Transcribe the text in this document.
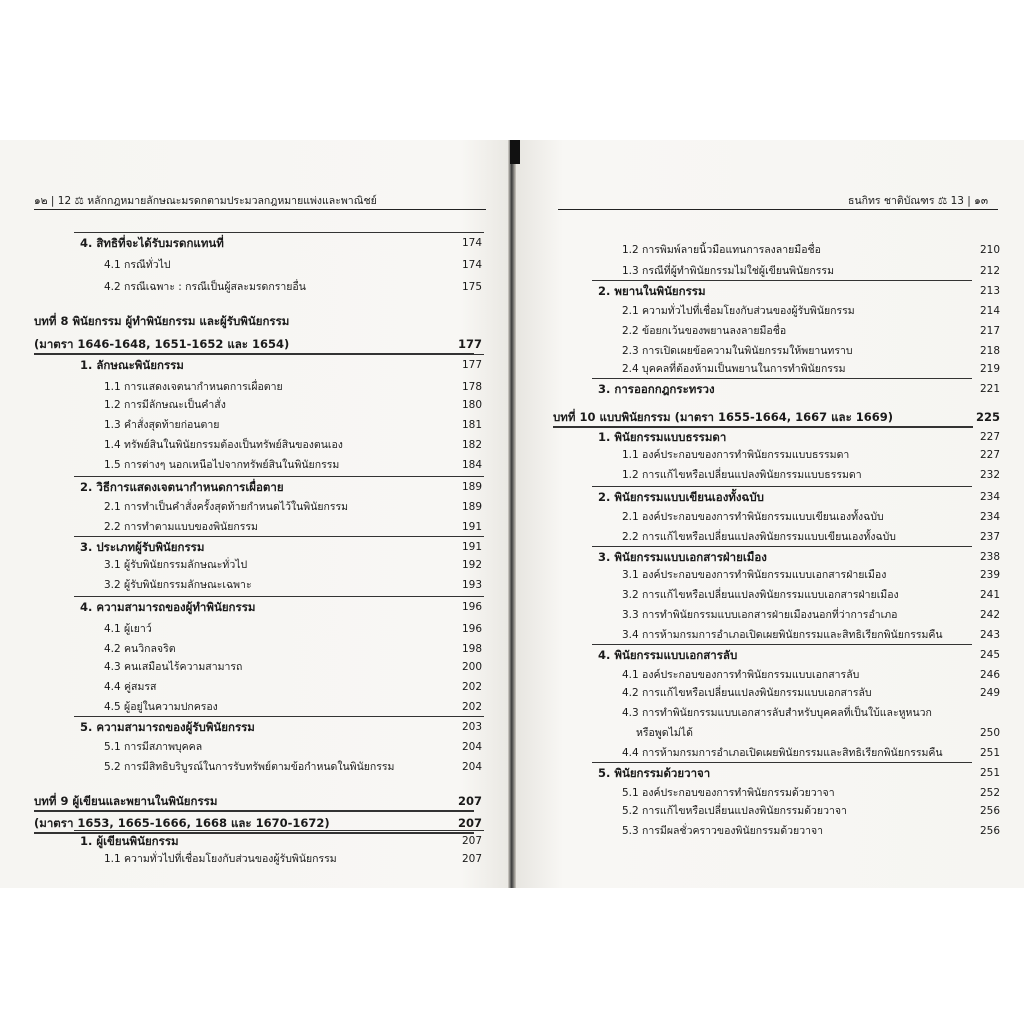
๑๒ | 12 ⚖ หลักกฎหมายลักษณะมรดกตามประมวลกฎหมายแพ่งและพาณิชย์	ธนกิทร ชาติบัณฑร ⚖ 13 | ๑๓
4. สิทธิที่จะได้รับมรดกแทนที่	174
4.1 กรณีทั่วไป	174
4.2 กรณีเฉพาะ : กรณีเป็นผู้สละมรดกรายอื่น	175
บทที่ 8 พินัยกรรม ผู้ทำพินัยกรรม และผู้รับพินัยกรรม
(มาตรา 1646-1648, 1651-1652 และ 1654)	177
1. ลักษณะพินัยกรรม	177
1.1 การแสดงเจตนากำหนดการเผื่อตาย	178
1.2 การมีลักษณะเป็นคำสั่ง	180
1.3 คำสั่งสุดท้ายก่อนตาย	181
1.4 ทรัพย์สินในพินัยกรรมต้องเป็นทรัพย์สินของตนเอง	182
1.5 การต่างๆ นอกเหนือไปจากทรัพย์สินในพินัยกรรม	184
2. วิธีการแสดงเจตนากำหนดการเผื่อตาย	189
2.1 การทำเป็นคำสั่งครั้งสุดท้ายกำหนดไว้ในพินัยกรรม	189
2.2 การทำตามแบบของพินัยกรรม	191
3. ประเภทผู้รับพินัยกรรม	191
3.1 ผู้รับพินัยกรรมลักษณะทั่วไป	192
3.2 ผู้รับพินัยกรรมลักษณะเฉพาะ	193
4. ความสามารถของผู้ทำพินัยกรรม	196
4.1 ผู้เยาว์	196
4.2 คนวิกลจริต	198
4.3 คนเสมือนไร้ความสามารถ	200
4.4 คู่สมรส	202
4.5 ผู้อยู่ในความปกครอง	202
5. ความสามารถของผู้รับพินัยกรรม	203
5.1 การมีสภาพบุคคล	204
5.2 การมีสิทธิบริบูรณ์ในการรับทรัพย์ตามข้อกำหนดในพินัยกรรม	204
บทที่ 9 ผู้เขียนและพยานในพินัยกรรม	207
(มาตรา 1653, 1665-1666, 1668 และ 1670-1672)	207
1. ผู้เขียนพินัยกรรม	207
1.1 ความทั่วไปที่เชื่อมโยงกับส่วนของผู้รับพินัยกรรม	207
1.2 การพิมพ์ลายนิ้วมือแทนการลงลายมือชื่อ	210
1.3 กรณีที่ผู้ทำพินัยกรรมไม่ใช่ผู้เขียนพินัยกรรม	212
2. พยานในพินัยกรรม	213
2.1 ความทั่วไปที่เชื่อมโยงกับส่วนของผู้รับพินัยกรรม	214
2.2 ข้อยกเว้นของพยานลงลายมือชื่อ	217
2.3 การเปิดเผยข้อความในพินัยกรรมให้พยานทราบ	218
2.4 บุคคลที่ต้องห้ามเป็นพยานในการทำพินัยกรรม	219
3. การออกกฎกระทรวง	221
บทที่ 10 แบบพินัยกรรม (มาตรา 1655-1664, 1667 และ 1669)	225
1. พินัยกรรมแบบธรรมดา	227
1.1 องค์ประกอบของการทำพินัยกรรมแบบธรรมดา	227
1.2 การแก้ไขหรือเปลี่ยนแปลงพินัยกรรมแบบธรรมดา	232
2. พินัยกรรมแบบเขียนเองทั้งฉบับ	234
2.1 องค์ประกอบของการทำพินัยกรรมแบบเขียนเองทั้งฉบับ	234
2.2 การแก้ไขหรือเปลี่ยนแปลงพินัยกรรมแบบเขียนเองทั้งฉบับ	237
3. พินัยกรรมแบบเอกสารฝ่ายเมือง	238
3.1 องค์ประกอบของการทำพินัยกรรมแบบเอกสารฝ่ายเมือง	239
3.2 การแก้ไขหรือเปลี่ยนแปลงพินัยกรรมแบบเอกสารฝ่ายเมือง	241
3.3 การทำพินัยกรรมแบบเอกสารฝ่ายเมืองนอกที่ว่าการอำเภอ	242
3.4 การห้ามกรมการอำเภอเปิดเผยพินัยกรรมและสิทธิเรียกพินัยกรรมคืน	243
4. พินัยกรรมแบบเอกสารลับ	245
4.1 องค์ประกอบของการทำพินัยกรรมแบบเอกสารลับ	246
4.2 การแก้ไขหรือเปลี่ยนแปลงพินัยกรรมแบบเอกสารลับ	249
4.3 การทำพินัยกรรมแบบเอกสารลับสำหรับบุคคลที่เป็นใบ้และหูหนวก
หรือพูดไม่ได้	250
4.4 การห้ามกรมการอำเภอเปิดเผยพินัยกรรมและสิทธิเรียกพินัยกรรมคืน	251
5. พินัยกรรมด้วยวาจา	251
5.1 องค์ประกอบของการทำพินัยกรรมด้วยวาจา	252
5.2 การแก้ไขหรือเปลี่ยนแปลงพินัยกรรมด้วยวาจา	256
5.3 การมีผลชั่วคราวของพินัยกรรมด้วยวาจา	256
